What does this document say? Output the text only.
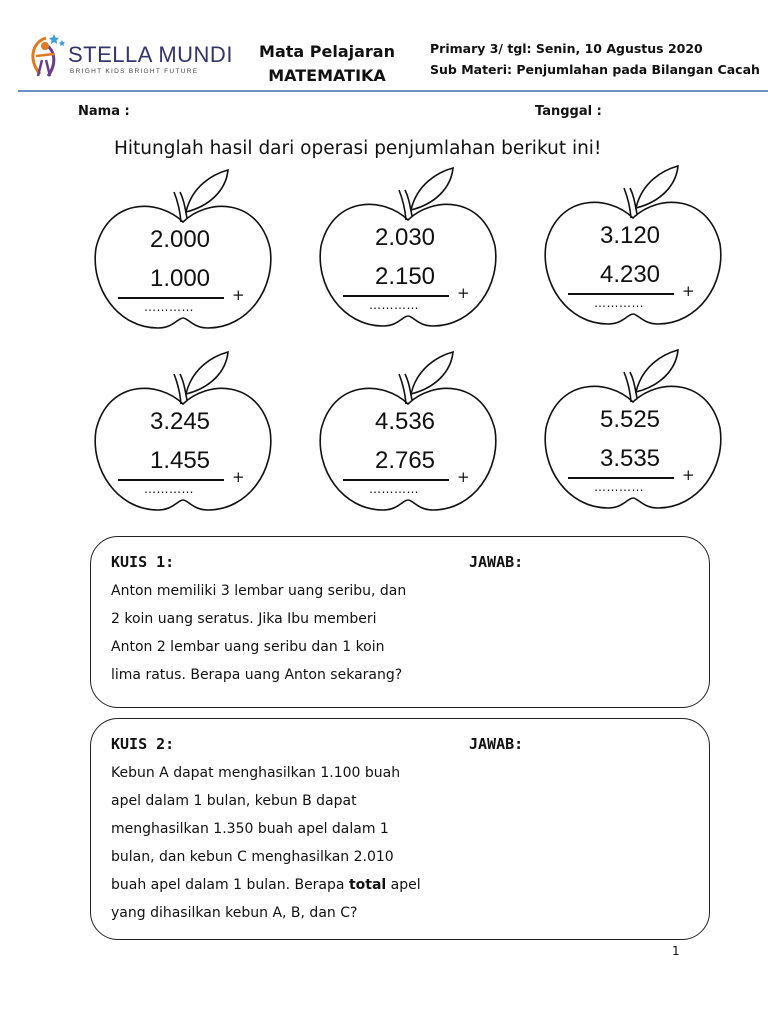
STELLA MUNDI
BRIGHT KIDS BRIGHT FUTURE
Mata Pelajaran
MATEMATIKA
Primary 3/ tgl: Senin, 10 Agustus 2020
Sub Materi: Penjumlahan pada Bilangan Cacah
Nama :	Tanggal :
Hitunglah hasil dari operasi penjumlahan berikut ini!
2.000
1.000
+
…………
2.030
2.150
+
…………
3.120
4.230
+
…………
3.245
1.455
+
…………
4.536
2.765
+
…………
5.525
3.535
+
…………
KUIS 1:	JAWAB:
Anton memiliki 3 lembar uang seribu, dan
2 koin uang seratus. Jika Ibu memberi
Anton 2 lembar uang seribu dan 1 koin
lima ratus. Berapa uang Anton sekarang?
KUIS 2:	JAWAB:
Kebun A dapat menghasilkan 1.100 buah
apel dalam 1 bulan, kebun B dapat
menghasilkan 1.350 buah apel dalam 1
bulan, dan kebun C menghasilkan 2.010
buah apel dalam 1 bulan. Berapa total apel
yang dihasilkan kebun A, B, dan C?
1
